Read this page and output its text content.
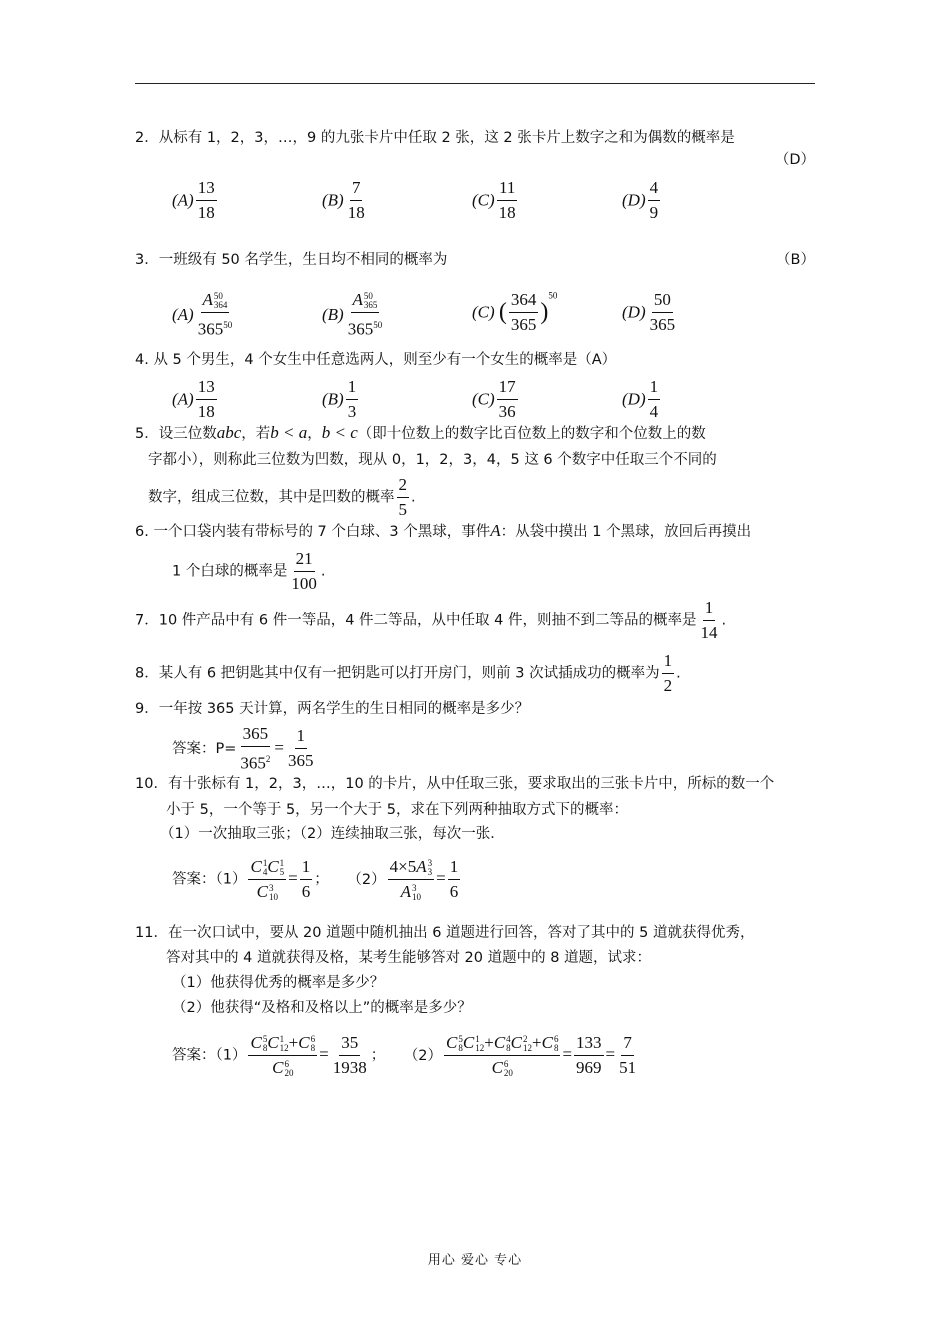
2．从标有 1，2，3，…，9 的九张卡片中任取 2 张，这 2 张卡片上数字之和为偶数的概率是
（D）
$(A) \frac{13}{18}$	$(B) \frac{7}{18}$	$(C) \frac{11}{18}$	$(D) \frac{4}{9}$
3．一班级有 50 名学生，生日均不相同的概率为	（B）
(A) A 50
364
$365^{50}$	(B) A 50
365
$365^{50}$	(C) ( $\frac{364}{365} )^{50}$
$(D) \frac{50}{365}$
4. 从 5 个男生，4 个女生中任意选两人，则至少有一个女生的概率是（A）
$(A) \frac{13}{18}$	$(B) \frac{1}{3}$	$(C) \frac{17}{36}$	$(D) \frac{1}{4}$
5．设三位数abc，若b < a，b < c（即十位数上的数字比百位数上的数字和个位数上的数
字都小），则称此三位数为凹数，现从 0，1，2，3，4，5 这 6 个数字中任取三个不同的
数字，组成三位数，其中是凹数的概率 $\frac{2}{5}$ .
6. 一个口袋内装有带标号的 7 个白球、3 个黑球，事件A：从袋中摸出 1 个黑球，放回后再摸出
1 个白球的概率是 $\frac{21}{100}$ .
7．10 件产品中有 6 件一等品，4 件二等品，从中任取 4 件，则抽不到二等品的概率是 $\frac{1}{14}$ .
8．某人有 6 把钥匙其中仅有一把钥匙可以打开房门，则前 3 次试插成功的概率为 $\frac{1}{2}$ .
9．一年按 365 天计算，两名学生的生日相同的概率是多少？
答案：$P= \frac{365}{365^2} = \frac{1}{365}$
10．有十张标有 1，2，3，…，10 的卡片，从中任取三张，要求取出的三张卡片中，所标的数一个
小于 5，一个等于 5，另一个大于 5，求在下列两种抽取方式下的概率：
（1）一次抽取三张；（2）连续抽取三张，每次一张．
答案：（1） C 1
4 C 1
5
C 3
$10 = \frac{1}{6}$ ； （2） 4×5A 3
3
A 3
$10 = \frac{1}{6}$
11．在一次口试中，要从 20 道题中随机抽出 6 道题进行回答，答对了其中的 5 道就获得优秀，
答对其中的 4 道就获得及格，某考生能够答对 20 道题中的 8 道题，试求：
（1）他获得优秀的概率是多少？
（2）他获得“及格和及格以上”的概率是多少？
答案：（1） C 5
8 C 1
12 +C 6
8
C 6
$20 = \frac{35}{1938}$ ； （2） C 5
8 C 1
12 +C 4
8 C 2
12 +C 6
8
C 6
$20 = \frac{133}{969} = \frac{7}{51}$
用心 爱心 专心
